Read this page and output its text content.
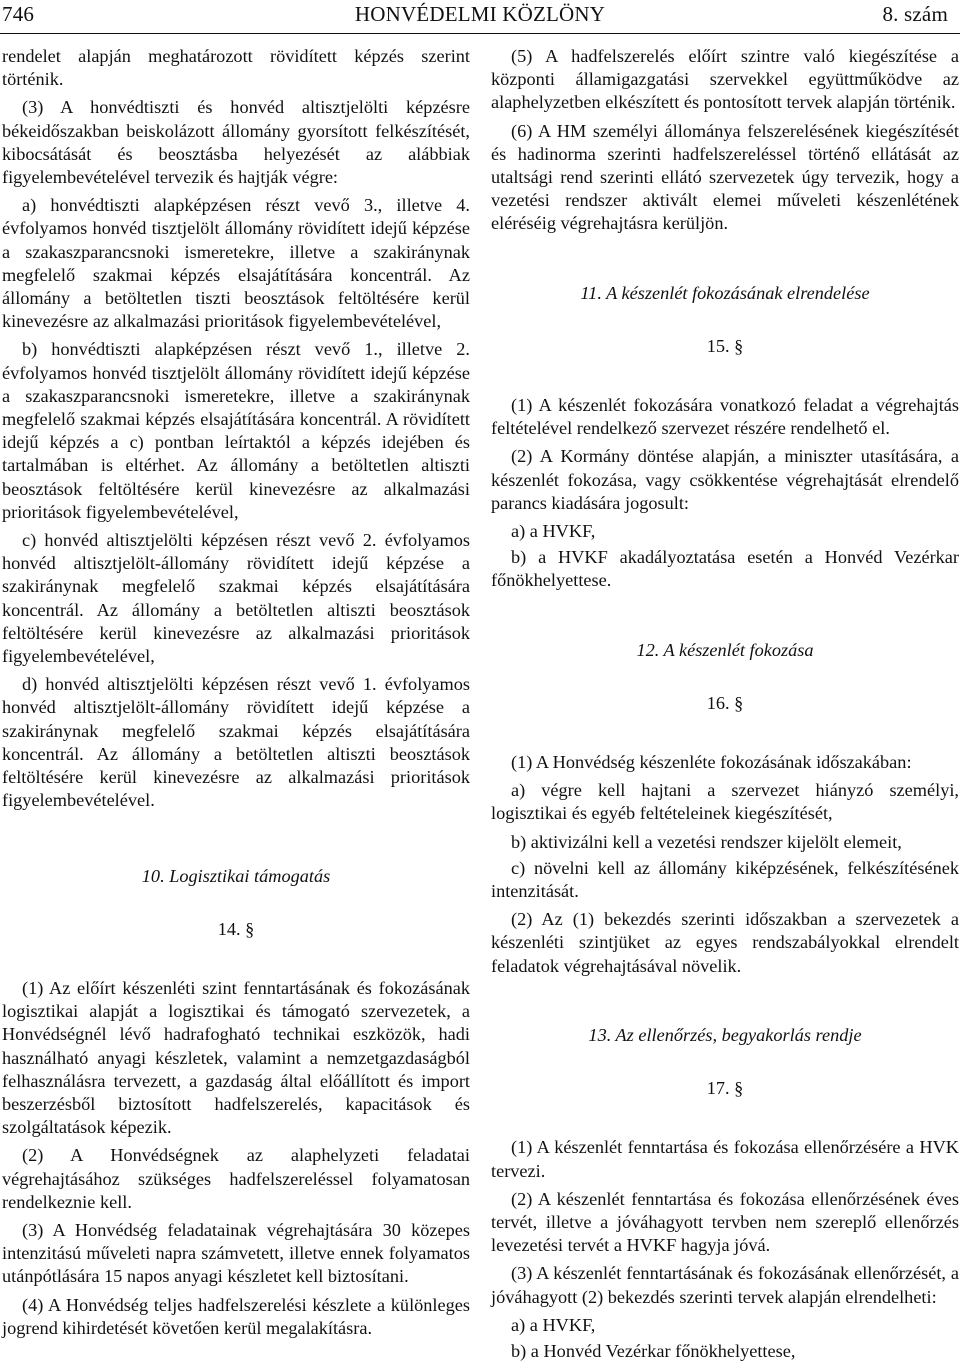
746	HONVÉDELMI KÖZLÖNY	8. szám

rendelet alapján meghatározott rövidített képzés szerint történik.

(3) A honvédtiszti és honvéd altisztjelölti képzésre békeidőszakban beiskolázott állomány gyorsított felkészítését, kibocsátását és beosztásba helyezését az alábbiak figyelembevételével tervezik és hajtják végre:

a) honvédtiszti alapképzésen részt vevő 3., illetve 4. évfolyamos honvéd tisztjelölt állomány rövidített idejű képzése a szakaszparancsnoki ismeretekre, illetve a szakiránynak megfelelő szakmai képzés elsajátítására koncentrál. Az állomány a betöltetlen tiszti beosztások feltöltésére kerül kinevezésre az alkalmazási prioritások figyelembevételével,

b) honvédtiszti alapképzésen részt vevő 1., illetve 2. évfolyamos honvéd tisztjelölt állomány rövidített idejű képzése a szakaszparancsnoki ismeretekre, illetve a szakiránynak megfelelő szakmai képzés elsajátítására koncentrál. A rövidített idejű képzés a c) pontban leírtaktól a képzés idejében és tartalmában is eltérhet. Az állomány a betöltetlen altiszti beosztások feltöltésére kerül kinevezésre az alkalmazási prioritások figyelembevételével,

c) honvéd altisztjelölti képzésen részt vevő 2. évfolyamos honvéd altisztjelölt-állomány rövidített idejű képzése a szakiránynak megfelelő szakmai képzés elsajátítására koncentrál. Az állomány a betöltetlen altiszti beosztások feltöltésére kerül kinevezésre az alkalmazási prioritások figyelembevételével,

d) honvéd altisztjelölti képzésen részt vevő 1. évfolyamos honvéd altisztjelölt-állomány rövidített idejű képzése a szakiránynak megfelelő szakmai képzés elsajátítására koncentrál. Az állomány a betöltetlen altiszti beosztások feltöltésére kerül kinevezésre az alkalmazási prioritások figyelembevételével.

10. Logisztikai támogatás

14. §

(1) Az előírt készenléti szint fenntartásának és fokozásának logisztikai alapját a logisztikai és támogató szervezetek, a Honvédségnél lévő hadrafogható technikai eszközök, hadi használható anyagi készletek, valamint a nemzetgazdaságból felhasználásra tervezett, a gazdaság által előállított és import beszerzésből biztosított hadfelszerelés, kapacitások és szolgáltatások képezik.

(2) A Honvédségnek az alaphelyzeti feladatai végrehajtásához szükséges hadfelszereléssel folyamatosan rendelkeznie kell.

(3) A Honvédség feladatainak végrehajtására 30 közepes intenzitású műveleti napra számvetett, illetve ennek folyamatos utánpótlására 15 napos anyagi készletet kell biztosítani.

(4) A Honvédség teljes hadfelszerelési készlete a különleges jogrend kihirdetését követően kerül megalakításra.

(5) A hadfelszerelés előírt szintre való kiegészítése a központi államigazgatási szervekkel együttműködve az alaphelyzetben elkészített és pontosított tervek alapján történik.

(6) A HM személyi állománya felszerelésének kiegészítését és hadinorma szerinti hadfelszereléssel történő ellátását az utaltsági rend szerinti ellátó szervezetek úgy tervezik, hogy a vezetési rendszer aktivált elemei műveleti készenlétének eléréséig végrehajtásra kerüljön.

11. A készenlét fokozásának elrendelése

15. §

(1) A készenlét fokozására vonatkozó feladat a végrehajtás feltételével rendelkező szervezet részére rendelhető el.

(2) A Kormány döntése alapján, a miniszter utasítására, a készenlét fokozása, vagy csökkentése végrehajtását elrendelő parancs kiadására jogosult:

a) a HVKF,

b) a HVKF akadályoztatása esetén a Honvéd Vezérkar főnökhelyettese.

12. A készenlét fokozása

16. §

(1) A Honvédség készenléte fokozásának időszakában:

a) végre kell hajtani a szervezet hiányzó személyi, logisztikai és egyéb feltételeinek kiegészítését,

b) aktivizálni kell a vezetési rendszer kijelölt elemeit,

c) növelni kell az állomány kiképzésének, felkészítésének intenzitását.

(2) Az (1) bekezdés szerinti időszakban a szervezetek a készenléti szintjüket az egyes rendszabályokkal elrendelt feladatok végrehajtásával növelik.

13. Az ellenőrzés, begyakorlás rendje

17. §

(1) A készenlét fenntartása és fokozása ellenőrzésére a HVK tervezi.

(2) A készenlét fenntartása és fokozása ellenőrzésének éves tervét, illetve a jóváhagyott tervben nem szereplő ellenőrzés levezetési tervét a HVKF hagyja jóvá.

(3) A készenlét fenntartásának és fokozásának ellenőrzését, a jóváhagyott (2) bekezdés szerinti tervek alapján elrendelheti:

a) a HVKF,

b) a Honvéd Vezérkar főnökhelyettese,
